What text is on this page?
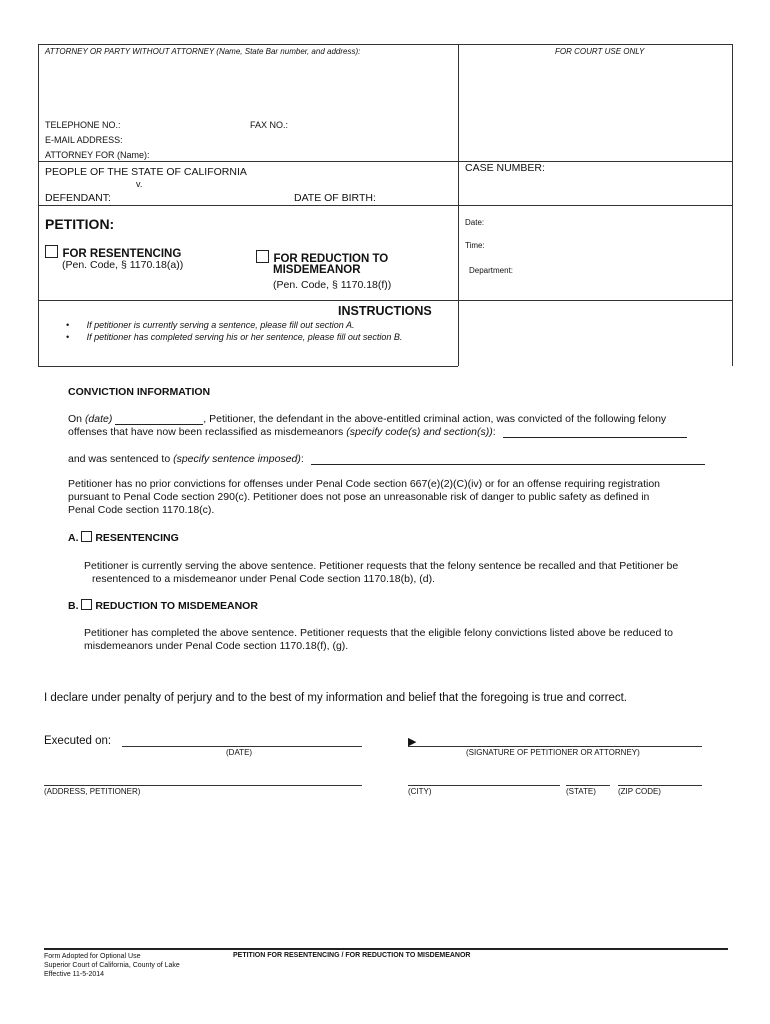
ATTORNEY OR PARTY WITHOUT ATTORNEY (Name, State Bar number, and address):	FOR COURT USE ONLY
TELEPHONE NO.:	FAX NO.:
E-MAIL ADDRESS:
ATTORNEY FOR (Name):
PEOPLE OF THE STATE OF CALIFORNIA
v.
DEFENDANT:	DATE OF BIRTH:
CASE NUMBER:
PETITION:
FOR RESENTENCING
(Pen. Code, § 1170.18(a))	FOR REDUCTION TO
MISDEMEANOR
(Pen. Code, § 1170.18(f))
Date:
Time:
Department:
INSTRUCTIONS
• If petitioner is currently serving a sentence, please fill out section A.
• If petitioner has completed serving his or her sentence, please fill out section B.
CONVICTION INFORMATION
On (date)	, Petitioner, the defendant in the above-entitled criminal action, was convicted of the following felony
offenses that have now been reclassified as misdemeanors (specify code(s) and section(s)):
and was sentenced to (specify sentence imposed):
Petitioner has no prior convictions for offenses under Penal Code section 667(e)(2)(C)(iv) or for an offense requiring registration
pursuant to Penal Code section 290(c). Petitioner does not pose an unreasonable risk of danger to public safety as defined in
Penal Code section 1170.18(c).
A. RESENTENCING
Petitioner is currently serving the above sentence. Petitioner requests that the felony sentence be recalled and that Petitioner be
resentenced to a misdemeanor under Penal Code section 1170.18(b), (d).
B. REDUCTION TO MISDEMEANOR
Petitioner has completed the above sentence. Petitioner requests that the eligible felony convictions listed above be reduced to
misdemeanors under Penal Code section 1170.18(f), (g).
I declare under penalty of perjury and to the best of my information and belief that the foregoing is true and correct.
Executed on:
(DATE)
▶
(SIGNATURE OF PETITIONER OR ATTORNEY)
(ADDRESS, PETITIONER)	(CITY)	(STATE)	(ZIP CODE)
Form Adopted for Optional Use
Superior Court of California, County of Lake
Effective 11-5-2014
PETITION FOR RESENTENCING / FOR REDUCTION TO MISDEMEANOR
